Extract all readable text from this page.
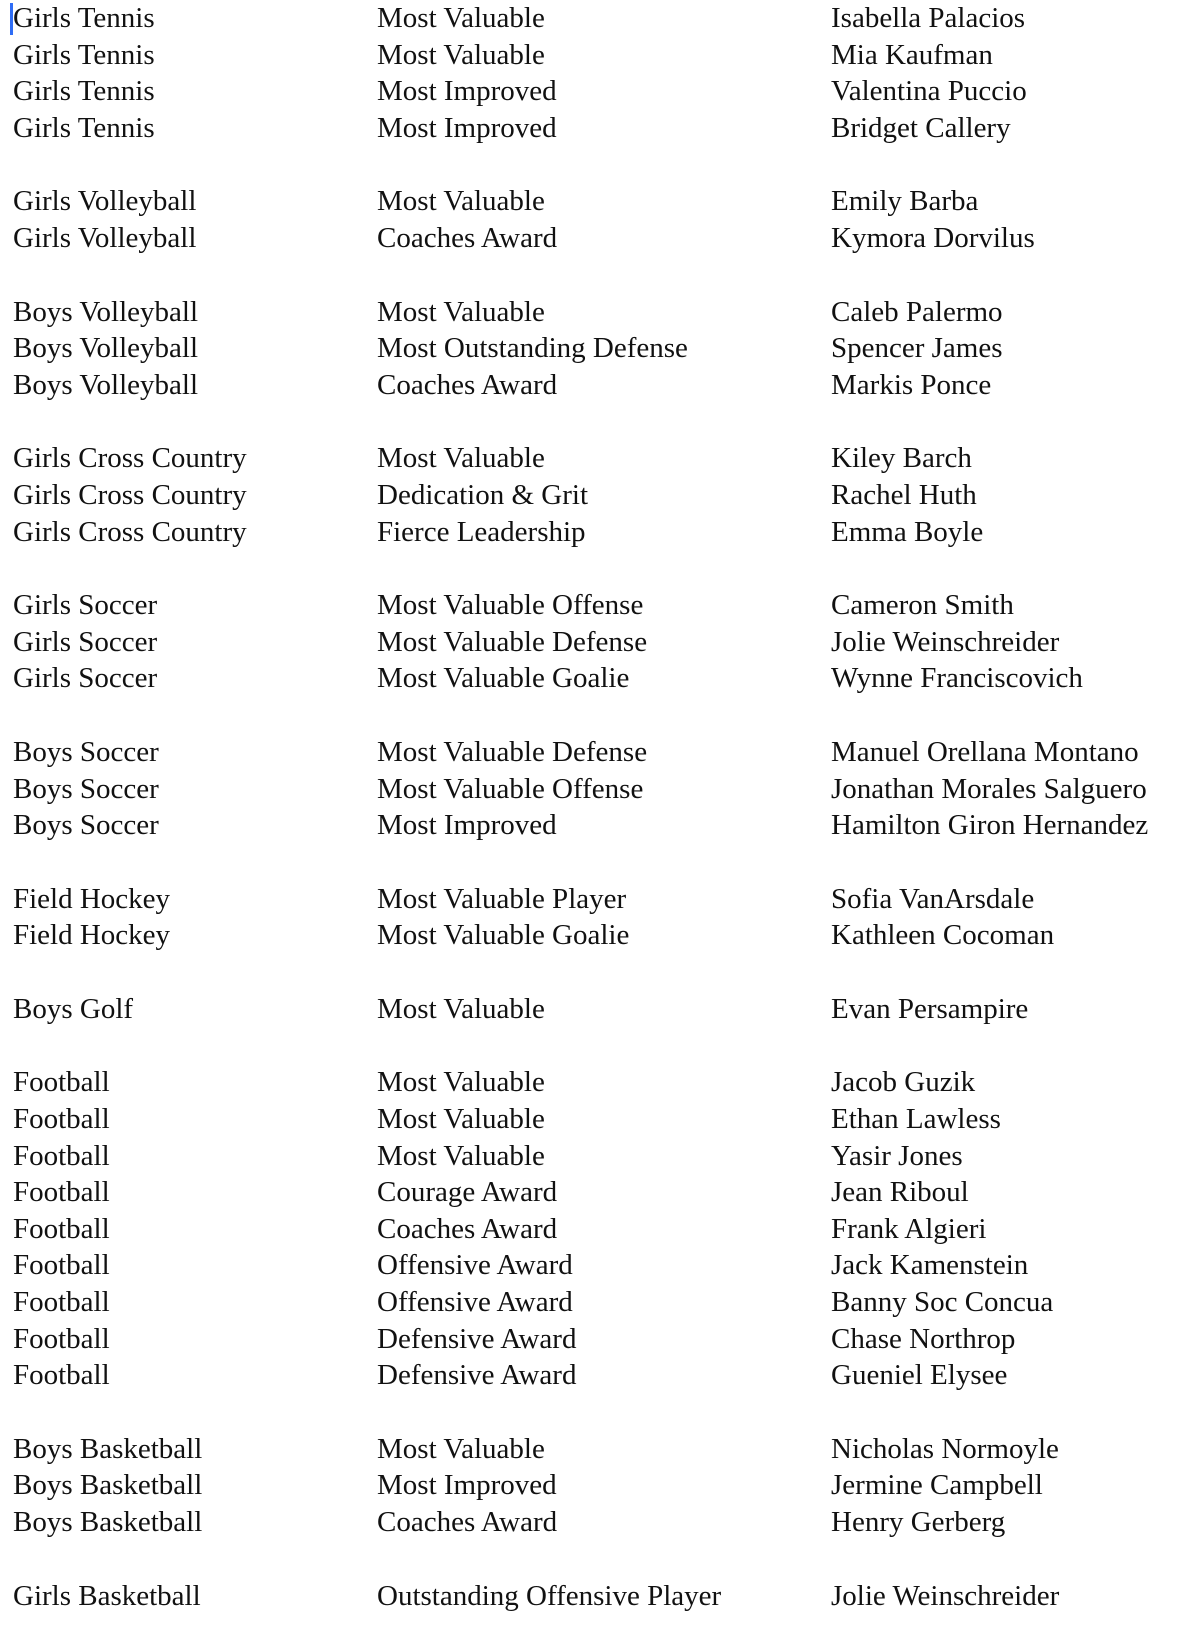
Girls Tennis	Most Valuable	Isabella Palacios
Girls Tennis	Most Valuable	Mia Kaufman
Girls Tennis	Most Improved	Valentina Puccio
Girls Tennis	Most Improved	Bridget Callery
Girls Volleyball	Most Valuable	Emily Barba
Girls Volleyball	Coaches Award	Kymora Dorvilus
Boys Volleyball	Most Valuable	Caleb Palermo
Boys Volleyball	Most Outstanding Defense	Spencer James
Boys Volleyball	Coaches Award	Markis Ponce
Girls Cross Country	Most Valuable	Kiley Barch
Girls Cross Country	Dedication & Grit	Rachel Huth
Girls Cross Country	Fierce Leadership	Emma Boyle
Girls Soccer	Most Valuable Offense	Cameron Smith
Girls Soccer	Most Valuable Defense	Jolie Weinschreider
Girls Soccer	Most Valuable Goalie	Wynne Franciscovich
Boys Soccer	Most Valuable Defense	Manuel Orellana Montano
Boys Soccer	Most Valuable Offense	Jonathan Morales Salguero
Boys Soccer	Most Improved	Hamilton Giron Hernandez
Field Hockey	Most Valuable Player	Sofia VanArsdale
Field Hockey	Most Valuable Goalie	Kathleen Cocoman
Boys Golf	Most Valuable	Evan Persampire
Football	Most Valuable	Jacob Guzik
Football	Most Valuable	Ethan Lawless
Football	Most Valuable	Yasir Jones
Football	Courage Award	Jean Riboul
Football	Coaches Award	Frank Algieri
Football	Offensive Award	Jack Kamenstein
Football	Offensive Award	Banny Soc Concua
Football	Defensive Award	Chase Northrop
Football	Defensive Award	Gueniel Elysee
Boys Basketball	Most Valuable	Nicholas Normoyle
Boys Basketball	Most Improved	Jermine Campbell
Boys Basketball	Coaches Award	Henry Gerberg
Girls Basketball	Outstanding Offensive Player	Jolie Weinschreider
